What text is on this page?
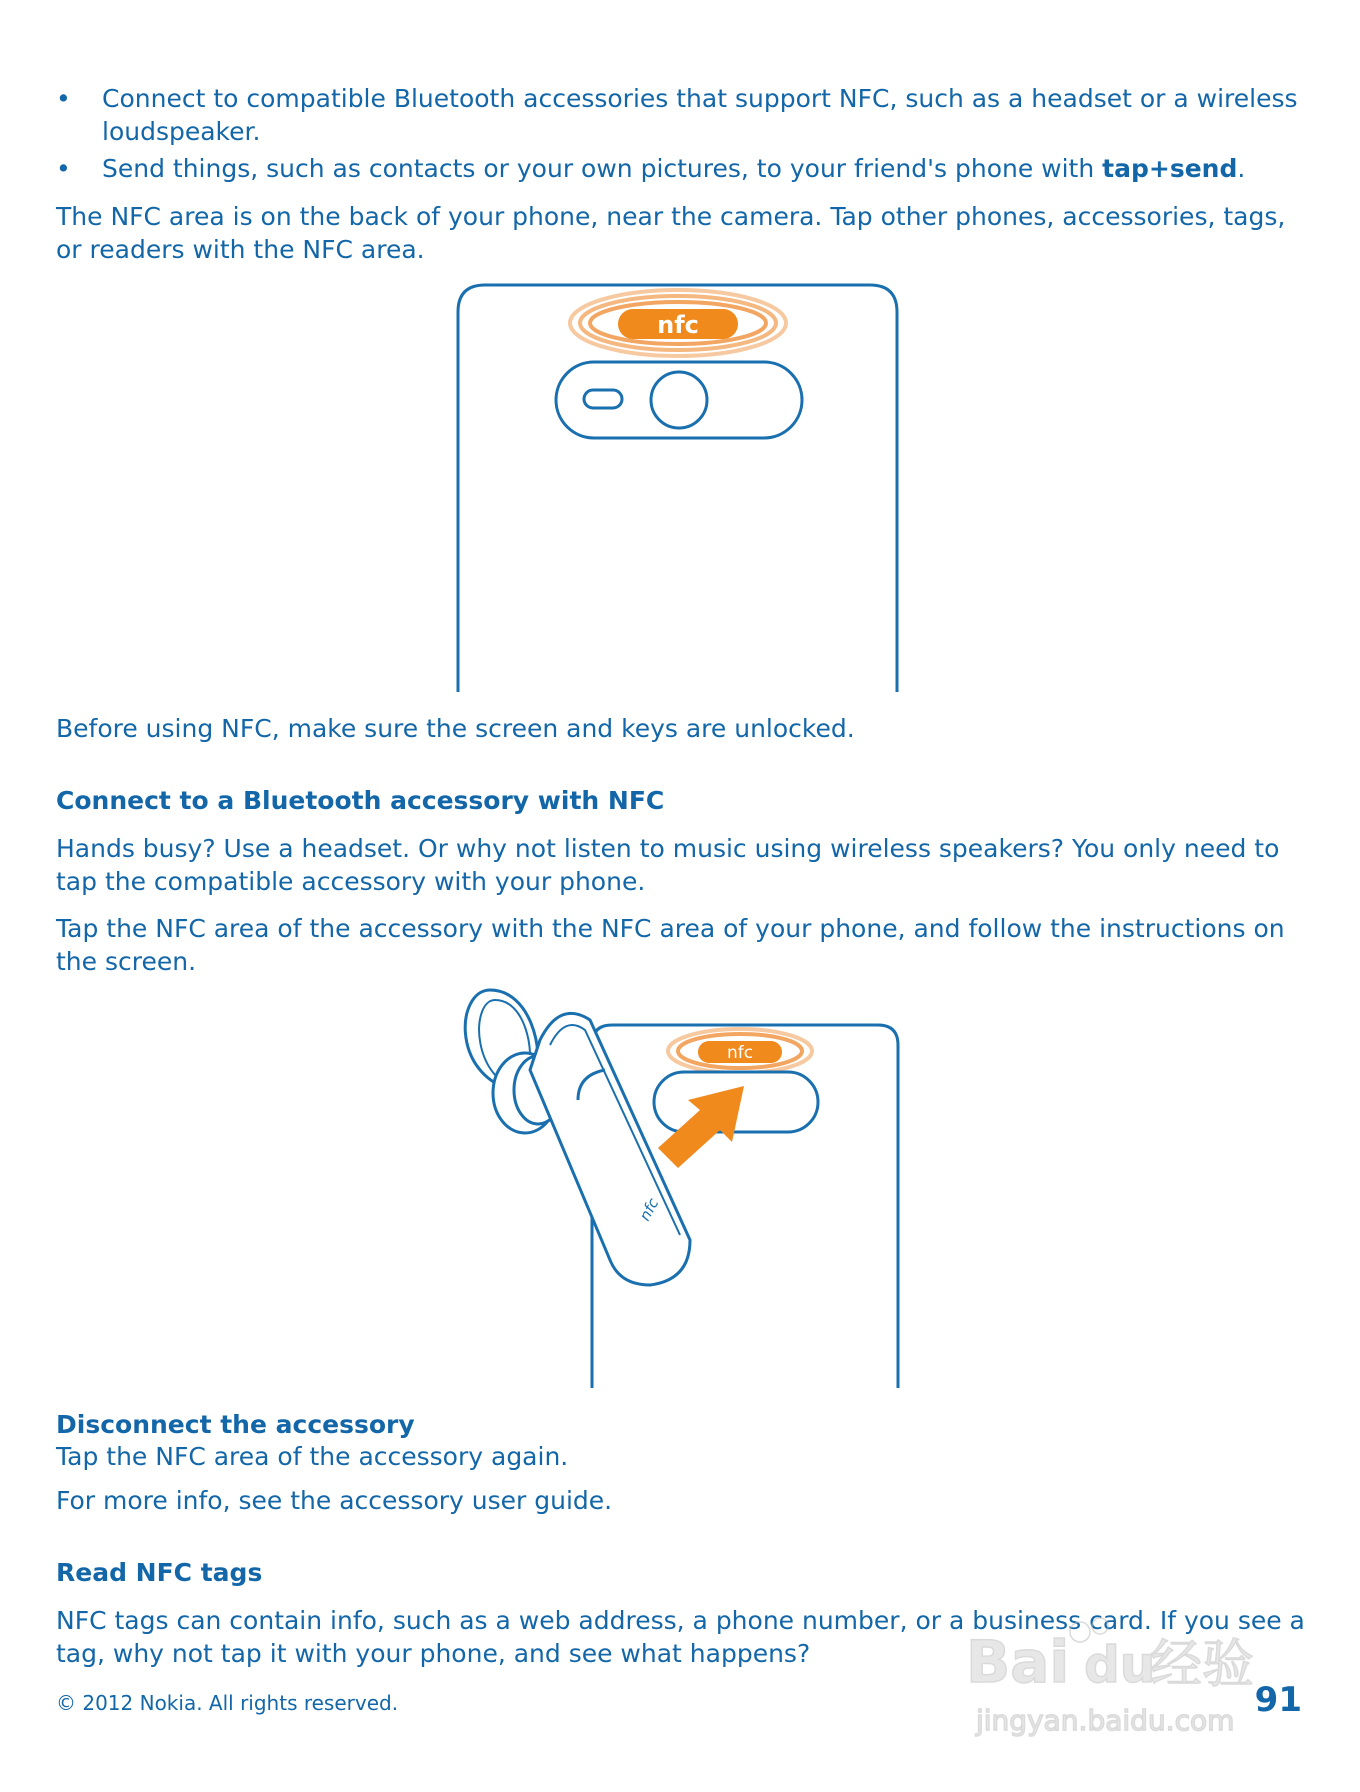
• Connect to compatible Bluetooth accessories that support NFC, such as a headset or a wireless loudspeaker.
• Send things, such as contacts or your own pictures, to your friend's phone with tap+send.

The NFC area is on the back of your phone, near the camera. Tap other phones, accessories, tags, or readers with the NFC area.

nfc

Before using NFC, make sure the screen and keys are unlocked.

Connect to a Bluetooth accessory with NFC

Hands busy? Use a headset. Or why not listen to music using wireless speakers? You only need to tap the compatible accessory with your phone.

Tap the NFC area of the accessory with the NFC area of your phone, and follow the instructions on the screen.

nfc
nfc
Disconnect the accessory

Tap the NFC area of the accessory again.

For more info, see the accessory user guide.

Read NFC tags

NFC tags can contain info, such as a web address, a phone number, or a business card. If you see a tag, why not tap it with your phone, and see what happens?

© 2012 Nokia. All rights reserved.	91
Bai du
经验
jingyan.baidu.com
